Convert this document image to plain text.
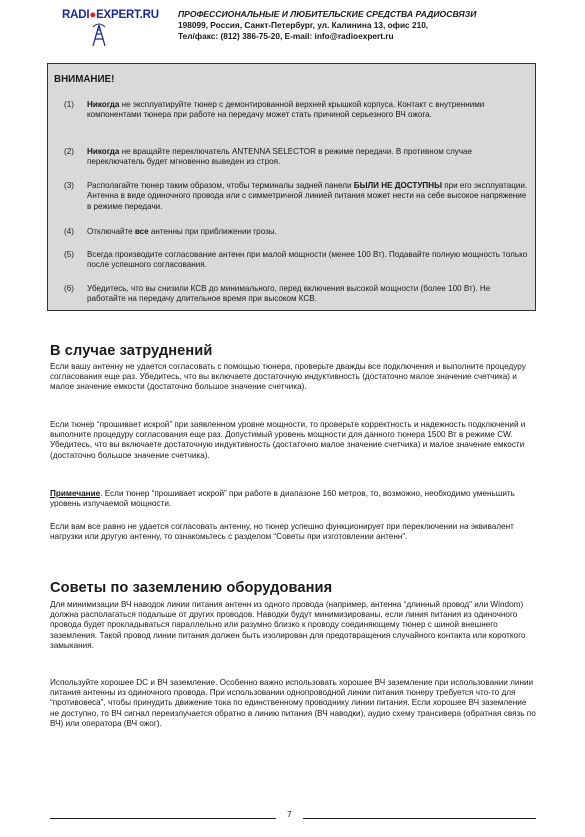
RADI●EXPERT.RU ПРОФЕССИОНАЛЬНЫЕ И ЛЮБИТЕЛЬСКИЕ СРЕДСТВА РАДИОСВЯЗИ
198099, Россия, Санкт-Петербург, ул. Калинина 13, офис 210,
Тел/факс: (812) 386-75-20, E-mail: info@radioexpert.ru
ВНИМАНИЕ!
(1) Никогда не эксплуатируйте тюнер с демонтированной верхней крышкой корпуса. Контакт с внутренними компонентами тюнера при работе на передачу может стать причиной серьезного ВЧ ожога.
(2) Никогда не вращайте переключатель ANTENNA SELECTOR в режиме передачи. В противном случае переключатель будет мгновенно выведен из строя.
(3) Располагайте тюнер таким образом, чтобы терминалы задней панели БЫЛИ НЕ ДОСТУПНЫ при его эксплуатации. Антенна в виде одиночного провода или с симметричной линией питания может нести на себе высокое напряжение в режиме передачи.
(4) Отключайте все антенны при приближении грозы.
(5) Всегда производите согласование антенн при малой мощности (менее 100 Вт). Подавайте полную мощность только после успешного согласования.
(6) Убедитесь, что вы снизили КСВ до минимального, перед включения высокой мощности (более 100 Вт). Не работайте на передачу длительное время при высоком КСВ.
В случае затруднений
Если вашу антенну не удается согласовать с помощью тюнера, проверьте дважды все подключения и выполните процедуру согласования еще раз. Убедитесь, что вы включаете достаточную индуктивность (достаточно малое значение счетчика) и малое значение емкости (достаточно большое значение счетчика).
Если тюнер “прошивает искрой” при заявленном уровне мощности, то проверьте корректность и надежность подключений и выполните процедуру согласования еще раз. Допустимый уровень мощности для данного тюнера 1500 Вт в режиме CW. Убедитесь, что вы включаете достаточную индуктивность (достаточно малое значение счетчика) и малое значение емкости (достаточно большое значение счетчика).
Примечание. Если тюнер “прошивает искрой” при работе в диапазоне 160 метров, то, возможно, необходимо уменьшить уровень излучаемой мощности.
Если вам все равно не удается согласовать антенну, но тюнер успешно функционирует при переключении на эквивалент нагрузки или другую антенну, то ознакомьтесь с разделом “Советы при изготовлении антенн”.
Советы по заземлению оборудования
Для минимизации ВЧ наводок линии питания антенн из одного провода (например, антенна “длинный провод” или Windom) должна располагаться подальше от других проводов. Наводки будут минимизированы, если линия питания из одиночного провода будет прокладываться параллельно или разумно близко к проводу соединяющему тюнер с шиной внешнего заземления. Такой провод линии питания должен быть изолирован для предотвращения случайного контакта или короткого замыкания.
Используйте хорошее DC и ВЧ заземление. Особенно важно использовать хорошее ВЧ заземление при использовании линии питания антенны из одиночного провода. При использовании однопроводной линии питания тюнеру требуется что-то для “противовеса”, чтобы принудить движение тока по единственному проводнику линии питания. Если хорошее ВЧ заземление не доступно, то ВЧ сигнал переизлучается обратно в линию питания (ВЧ наводки), аудио схему трансивера (обратная связь по ВЧ) или оператора (ВЧ ожог).
7
